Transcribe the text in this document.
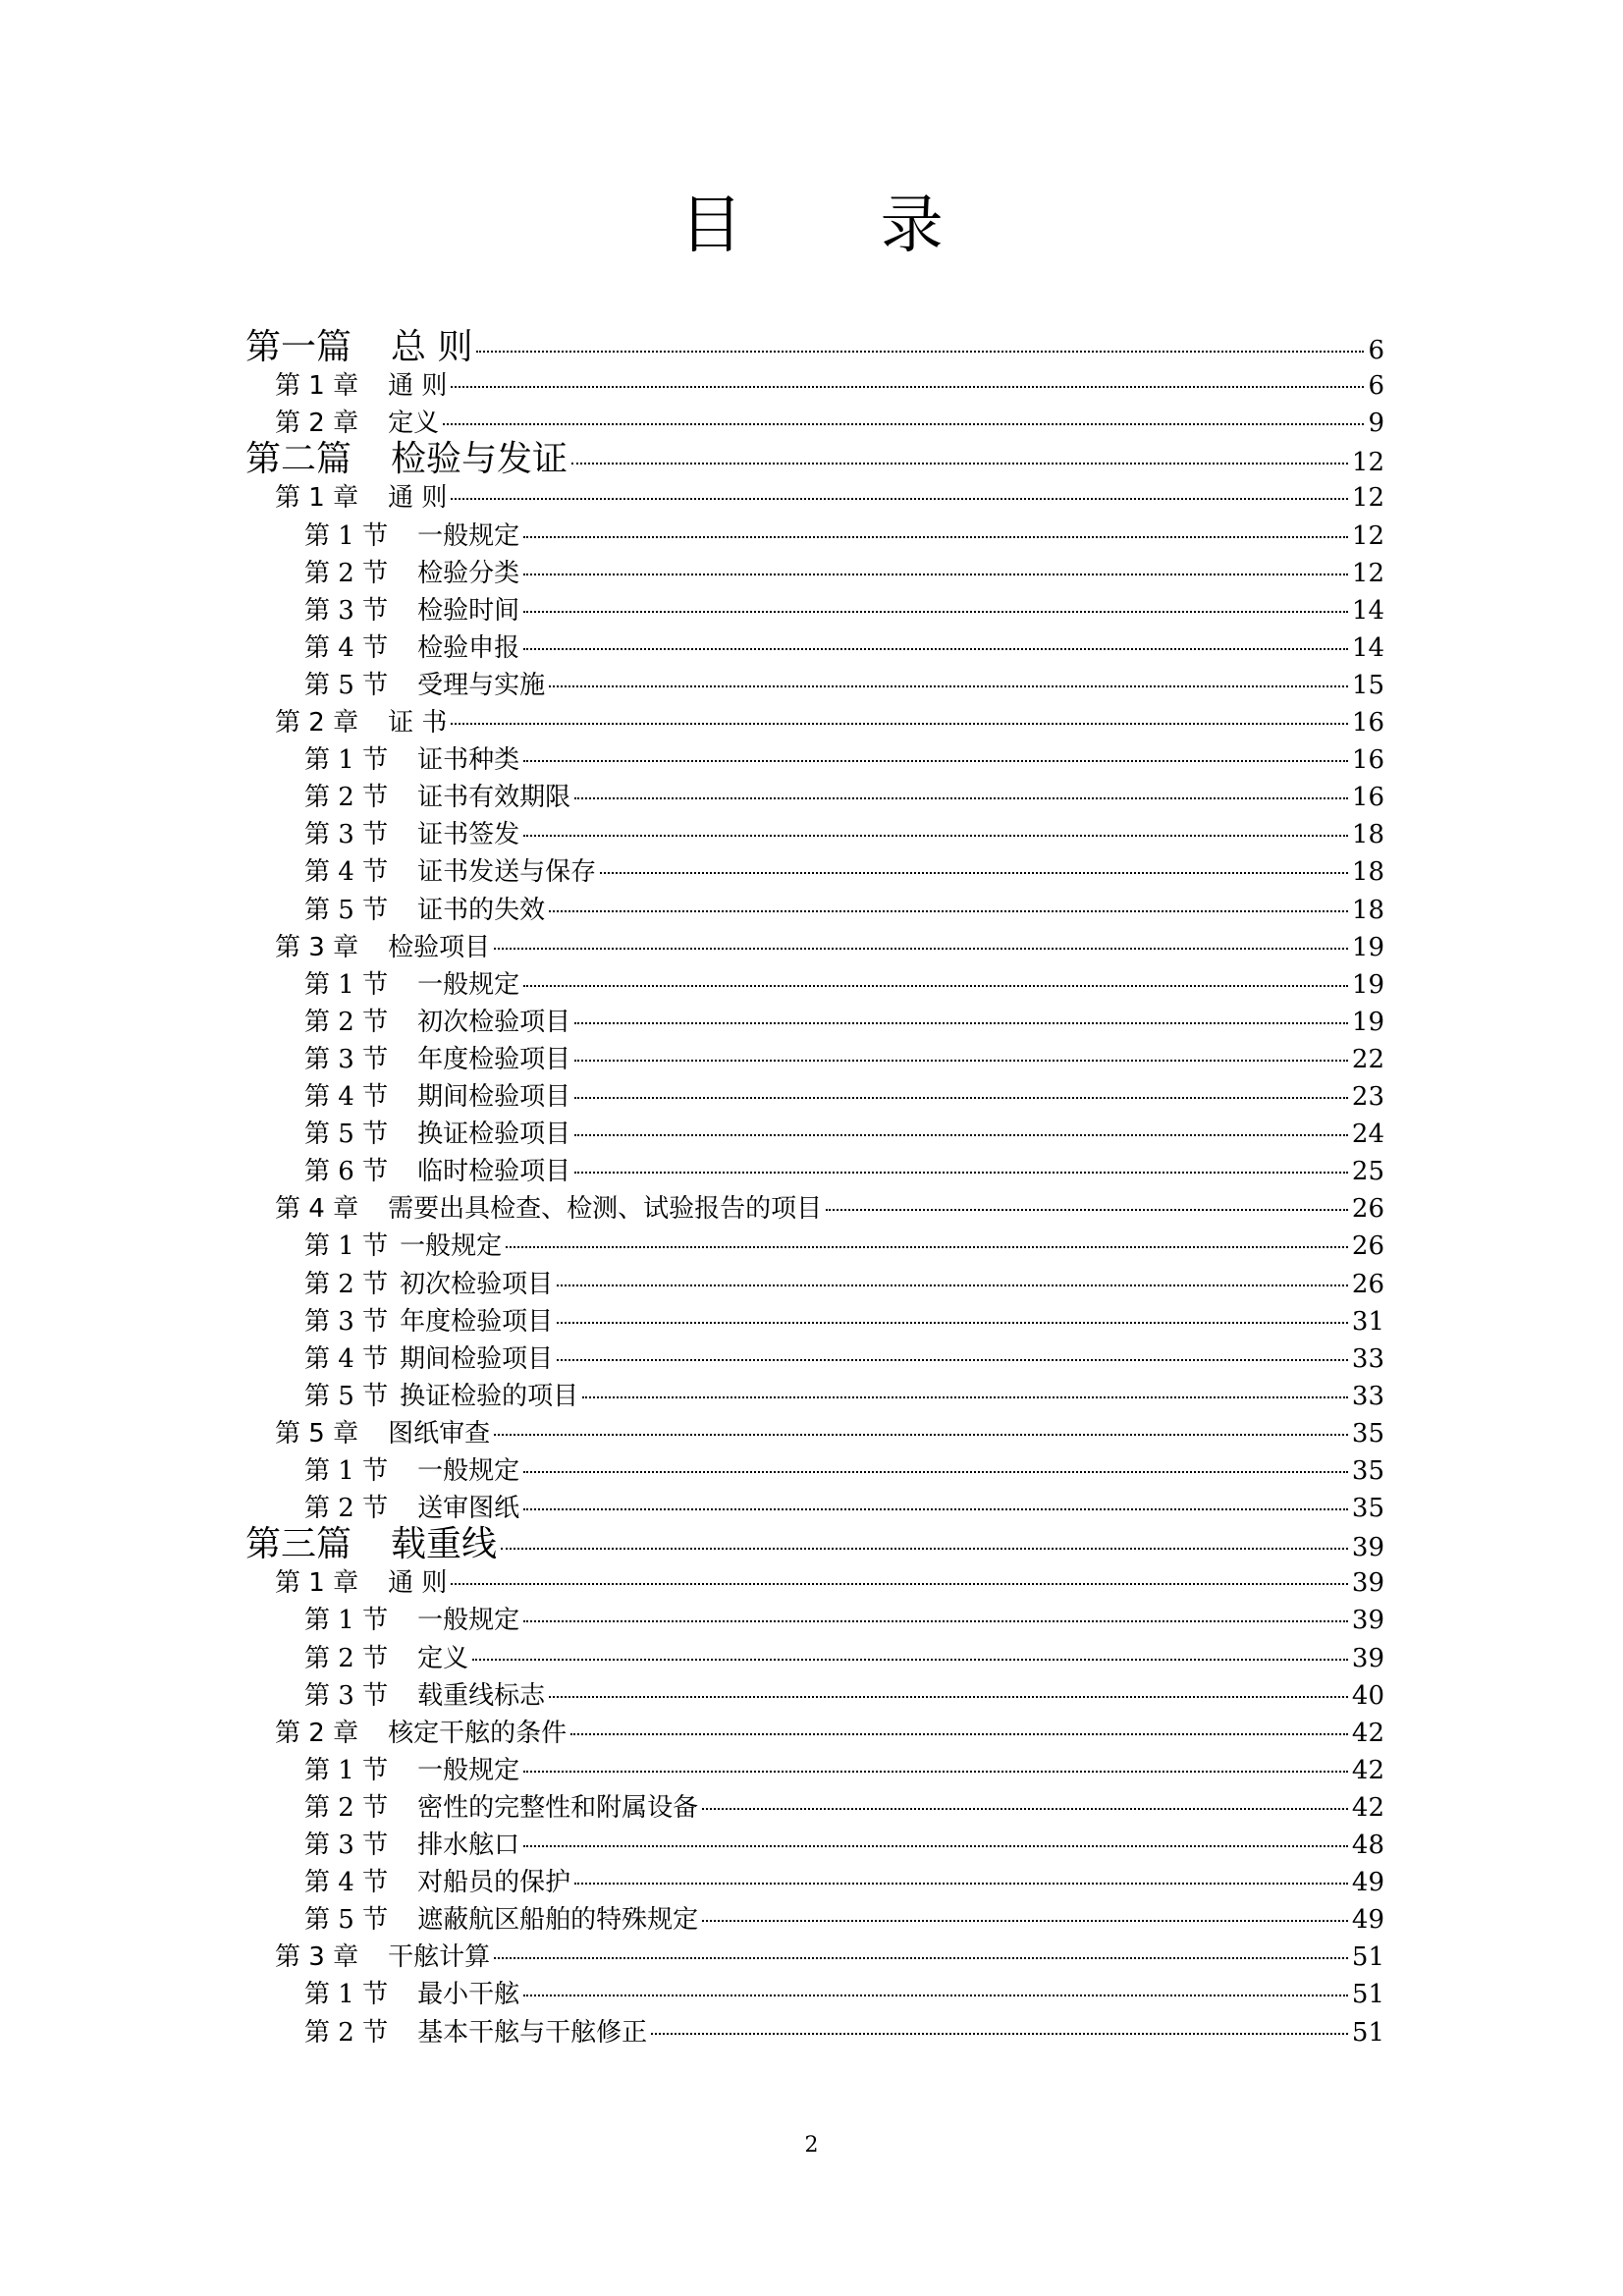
目 录
第一篇 总 则	6
第 1 章 通 则	6
第 2 章 定义	9
第二篇 检验与发证	12
第 1 章 通 则	12
第 1 节 一般规定	12
第 2 节 检验分类	12
第 3 节 检验时间	14
第 4 节 检验申报	14
第 5 节 受理与实施	15
第 2 章 证 书	16
第 1 节 证书种类	16
第 2 节 证书有效期限	16
第 3 节 证书签发	18
第 4 节 证书发送与保存	18
第 5 节 证书的失效	18
第 3 章 检验项目	19
第 1 节 一般规定	19
第 2 节 初次检验项目	19
第 3 节 年度检验项目	22
第 4 节 期间检验项目	23
第 5 节 换证检验项目	24
第 6 节 临时检验项目	25
第 4 章 需要出具检查、检测、试验报告的项目	26
第 1 节 一般规定	26
第 2 节 初次检验项目	26
第 3 节 年度检验项目	31
第 4 节 期间检验项目	33
第 5 节 换证检验的项目	33
第 5 章 图纸审查	35
第 1 节 一般规定	35
第 2 节 送审图纸	35
第三篇 载重线	39
第 1 章 通 则	39
第 1 节 一般规定	39
第 2 节 定义	39
第 3 节 载重线标志	40
第 2 章 核定干舷的条件	42
第 1 节 一般规定	42
第 2 节 密性的完整性和附属设备	42
第 3 节 排水舷口	48
第 4 节 对船员的保护	49
第 5 节 遮蔽航区船舶的特殊规定	49
第 3 章 干舷计算	51
第 1 节 最小干舷	51
第 2 节 基本干舷与干舷修正	51
2
